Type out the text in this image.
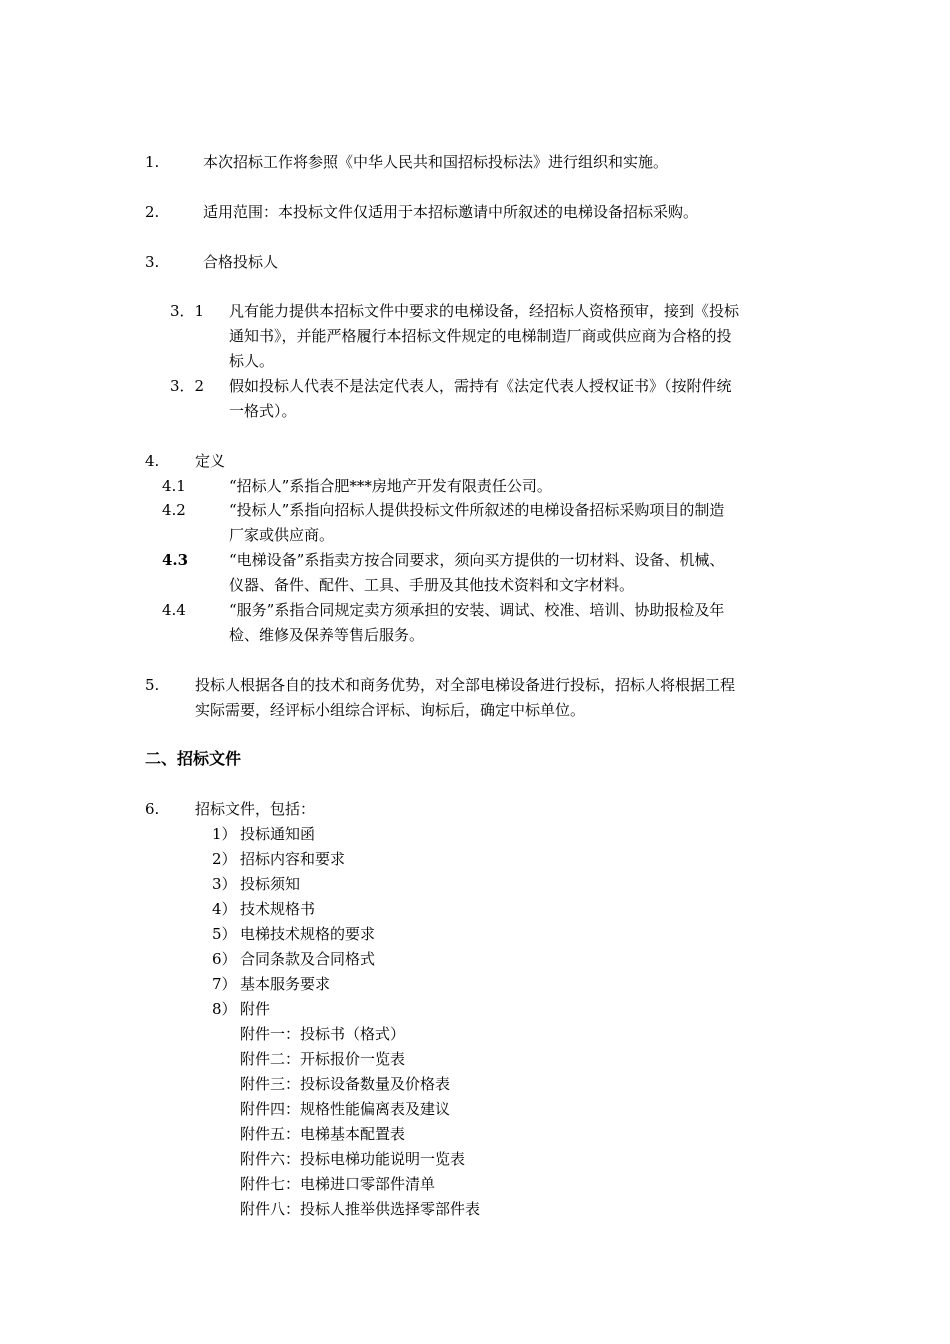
1.	本次招标工作将参照《中华人民共和国招标投标法》进行组织和实施。
2.	适用范围：本投标文件仅适用于本招标邀请中所叙述的电梯设备招标采购。
3.	合格投标人
3．1 凡有能力提供本招标文件中要求的电梯设备，经招标人资格预审，接到《投标
通知书》，并能严格履行本招标文件规定的电梯制造厂商或供应商为合格的投
标人。
3．2 假如投标人代表不是法定代表人，需持有《法定代表人授权证书》（按附件统
一格式）。
4. 定义
4.1	“招标人”系指合肥***房地产开发有限责任公司。
4.2	“投标人”系指向招标人提供投标文件所叙述的电梯设备招标采购项目的制造
厂家或供应商。
4.3	“电梯设备”系指卖方按合同要求，须向买方提供的一切材料、设备、机械、
仪器、备件、配件、工具、手册及其他技术资料和文字材料。
4.4	“服务”系指合同规定卖方须承担的安装、调试、校准、培训、协助报检及年
检、维修及保养等售后服务。
5. 投标人根据各自的技术和商务优势，对全部电梯设备进行投标，招标人将根据工程
实际需要，经评标小组综合评标、询标后，确定中标单位。
二、招标文件
6. 招标文件，包括：
1） 投标通知函
2） 招标内容和要求
3） 投标须知
4） 技术规格书
5） 电梯技术规格的要求
6） 合同条款及合同格式
7） 基本服务要求
8） 附件
附件一：投标书（格式）
附件二：开标报价一览表
附件三：投标设备数量及价格表
附件四：规格性能偏离表及建议
附件五：电梯基本配置表
附件六：投标电梯功能说明一览表
附件七：电梯进口零部件清单
附件八：投标人推举供选择零部件表
